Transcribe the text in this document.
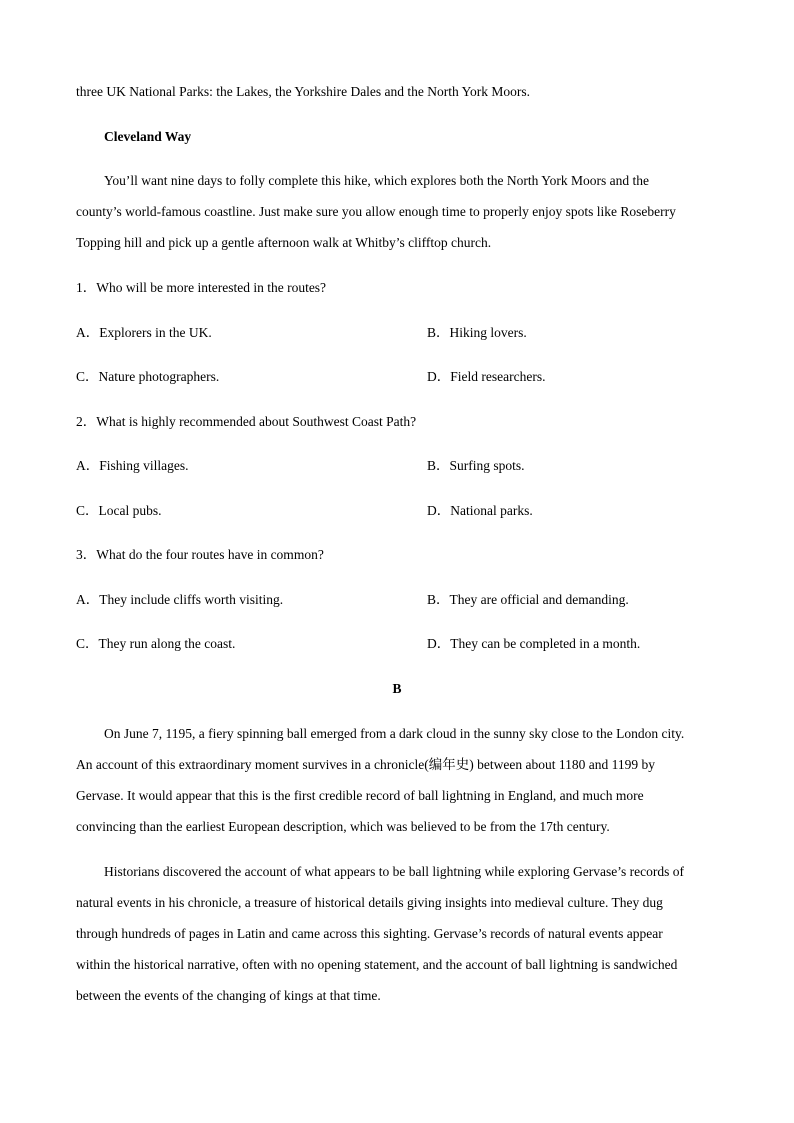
three UK National Parks: the Lakes, the Yorkshire Dales and the North York Moors.
Cleveland Way
You’ll want nine days to folly complete this hike, which explores both the North York Moors and the
county’s world-famous coastline. Just make sure you allow enough time to properly enjoy spots like Roseberry
Topping hill and pick up a gentle afternoon walk at Whitby’s clifftop church.
1．Who will be more interested in the routes?
A．Explorers in the UK.	B．Hiking lovers.
C．Nature photographers.	D．Field researchers.
2．What is highly recommended about Southwest Coast Path?
A．Fishing villages.	B．Surfing spots.
C．Local pubs.	D．National parks.
3．What do the four routes have in common?
A．They include cliffs worth visiting.	B．They are official and demanding.
C．They run along the coast.	D．They can be completed in a month.
B
On June 7, 1195, a fiery spinning ball emerged from a dark cloud in the sunny sky close to the London city.
An account of this extraordinary moment survives in a chronicle(编年史) between about 1180 and 1199 by
Gervase. It would appear that this is the first credible record of ball lightning in England, and much more
convincing than the earliest European description, which was believed to be from the 17th century.
Historians discovered the account of what appears to be ball lightning while exploring Gervase’s records of
natural events in his chronicle, a treasure of historical details giving insights into medieval culture. They dug
through hundreds of pages in Latin and came across this sighting. Gervase’s records of natural events appear
within the historical narrative, often with no opening statement, and the account of ball lightning is sandwiched
between the events of the changing of kings at that time.
